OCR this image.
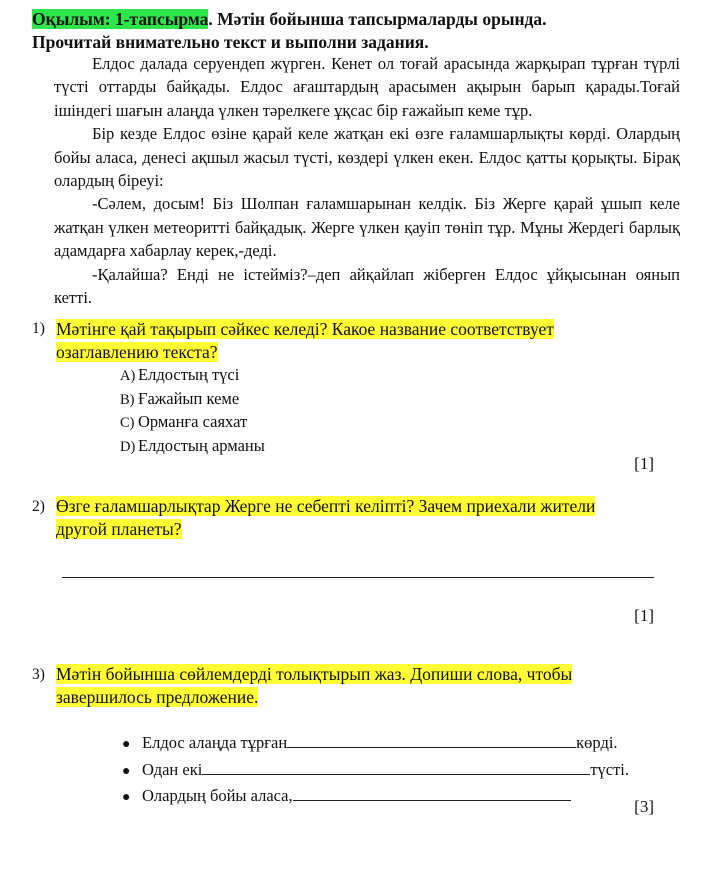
Оқылым: 1-тапсырма. Мәтін бойынша тапсырмаларды орында.
Прочитай внимательно текст и выполни задания.

Елдос далада серуендеп жүрген. Кенет ол тоғай арасында жарқырап тұрған түрлі түсті оттарды байқады. Елдос ағаштардың арасымен ақырын барып қарады.Тоғай ішіндегі шағын алаңда үлкен тәрелкеге ұқсас бір ғажайып кеме тұр.

Бір кезде Елдос өзіне қарай келе жатқан екі өзге ғаламшарлықты көрді. Олардың бойы аласа, денесі ақшыл жасыл түсті, көздері үлкен екен. Елдос қатты қорықты. Бірақ олардың біреуі:

-Сәлем, досым! Біз Шолпан ғаламшарынан келдік. Біз Жерге қарай ұшып келе жатқан үлкен метеоритті байқадық. Жерге үлкен қауіп төніп тұр. Мұны Жердегі барлық адамдарға хабарлау керек,-деді.

-Қалайша? Енді не істейміз?–деп айқайлап жіберген Елдос ұйқысынан оянып кетті.

1) Мәтінге қай тақырып сәйкес келеді? Какое название соответствует
озаглавлению текста?
A) Елдостың түсі
B) Ғажайып кеме
C) Орманға саяхат
D) Елдостың арманы
[1]
2) Өзге ғаламшарлықтар Жерге не себепті келіпті? Зачем приехали жители
другой планеты?
[1]
3) Мәтін бойынша сөйлемдерді толықтырып жаз. Допиши слова, чтобы
завершилось предложение.
● Елдос алаңда тұрған	көрді.
● Одан екі	түсті.
● Олардың бойы аласа,
[3]
